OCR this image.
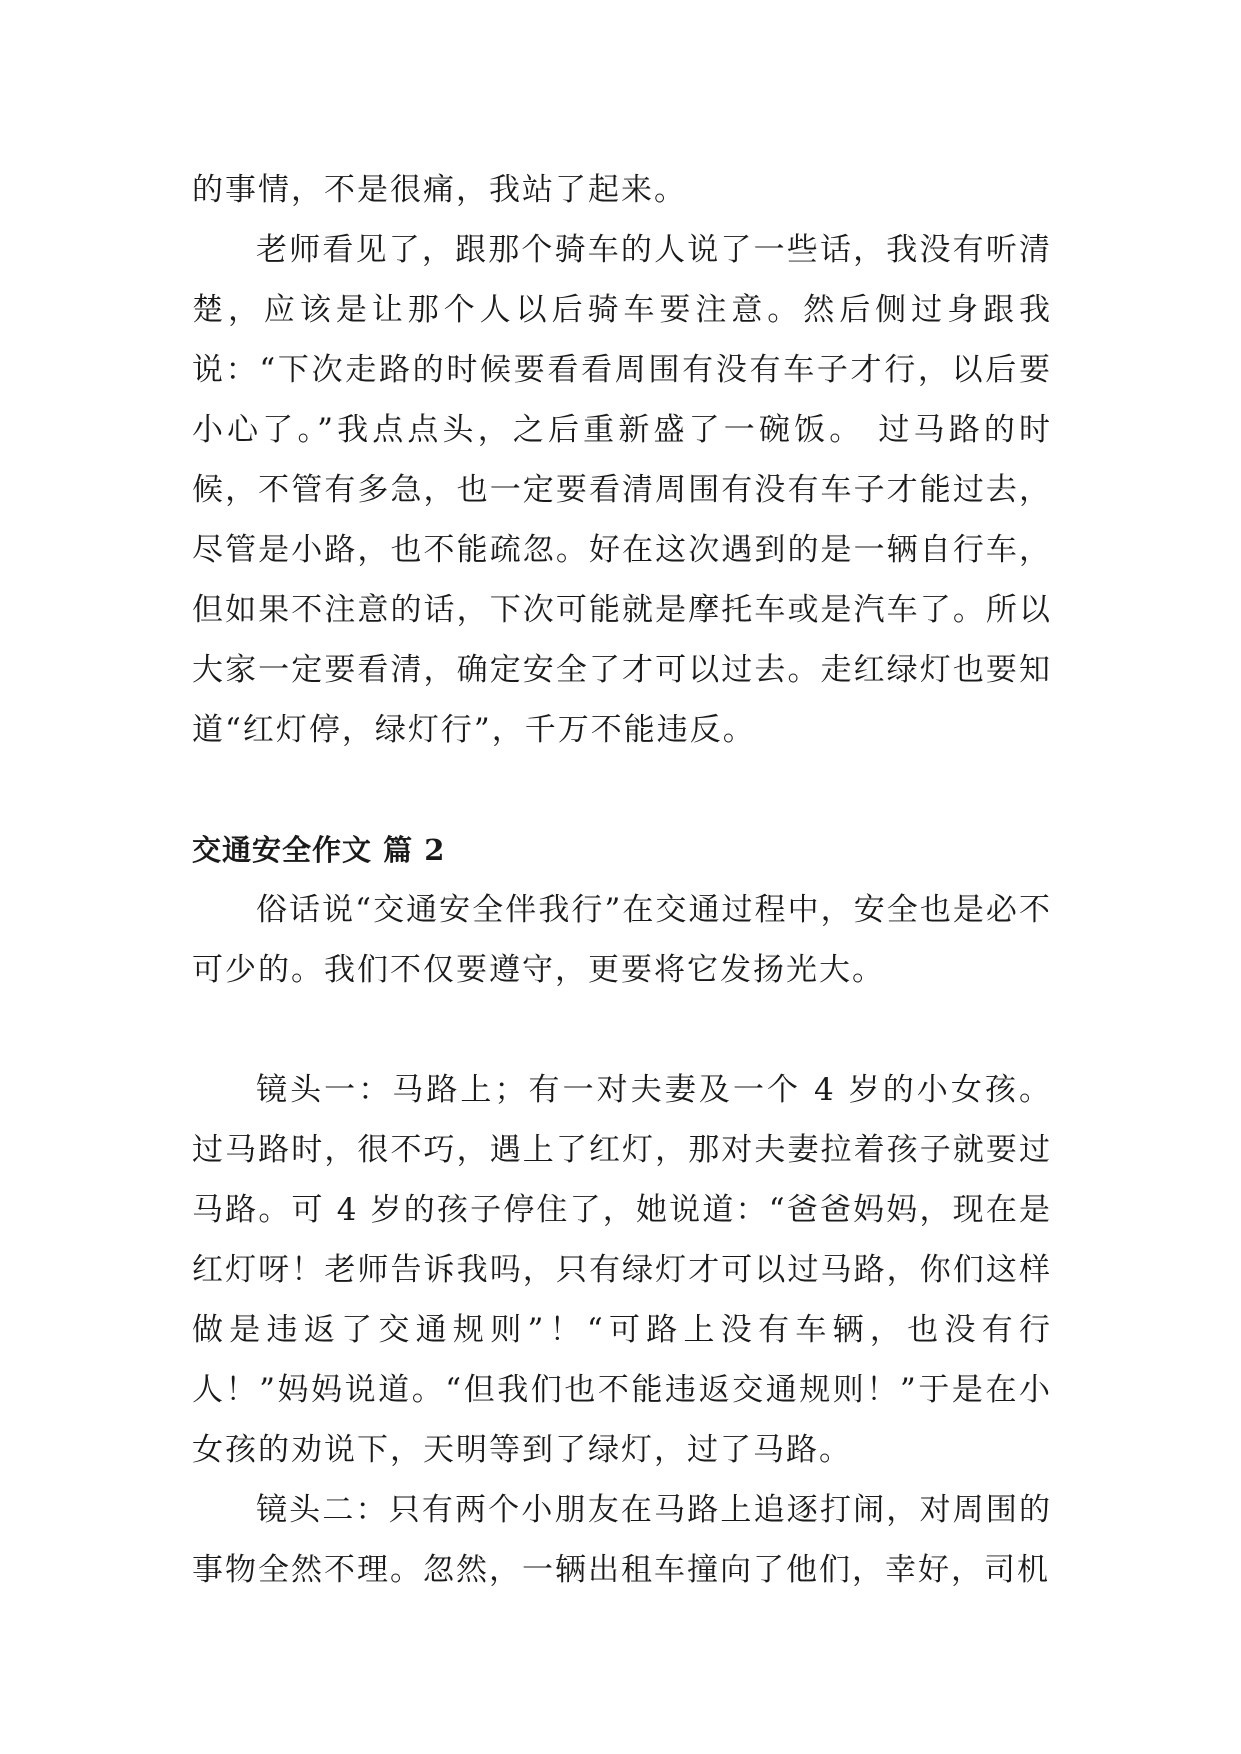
的事情，不是很痛，我站了起来。

老师看见了，跟那个骑车的人说了一些话，我没有听清楚，应该是让那个人以后骑车要注意。然后侧过身跟我说：“下次走路的时候要看看周围有没有车子才行，以后要小心了。”我点点头，之后重新盛了一碗饭。 过马路的时候，不管有多急，也一定要看清周围有没有车子才能过去，尽管是小路，也不能疏忽。好在这次遇到的是一辆自行车，但如果不注意的话，下次可能就是摩托车或是汽车了。所以大家一定要看清，确定安全了才可以过去。走红绿灯也要知道“红灯停，绿灯行”，千万不能违反。

交通安全作文 篇 2

俗话说“交通安全伴我行”在交通过程中，安全也是必不可少的。我们不仅要遵守，更要将它发扬光大。

镜头一：马路上；有一对夫妻及一个 4 岁的小女孩。过马路时，很不巧，遇上了红灯，那对夫妻拉着孩子就要过马路。可 4 岁的孩子停住了，她说道：“爸爸妈妈，现在是红灯呀！老师告诉我吗，只有绿灯才可以过马路，你们这样做是违返了交通规则”！“可路上没有车辆，也没有行人！”妈妈说道。“但我们也不能违返交通规则！”于是在小女孩的劝说下，天明等到了绿灯，过了马路。

镜头二：只有两个小朋友在马路上追逐打闹，对周围的事物全然不理。忽然，一辆出租车撞向了他们，幸好，司机
